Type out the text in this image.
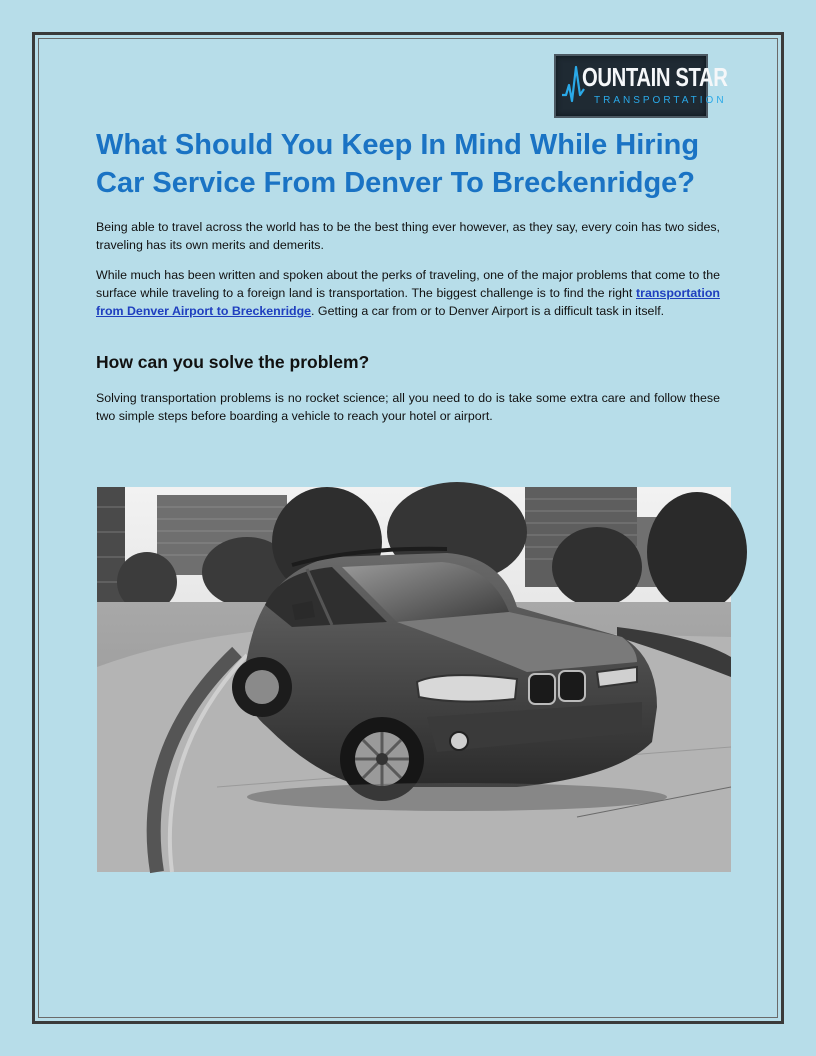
OUNTAIN STAR
TRANSPORTATION
What Should You Keep In Mind While Hiring Car Service From Denver To Breckenridge?

Being able to travel across the world has to be the best thing ever however, as they say, every coin has two sides, traveling has its own merits and demerits.

While much has been written and spoken about the perks of traveling, one of the major problems that come to the surface while traveling to a foreign land is transportation. The biggest challenge is to find the right transportation from Denver Airport to Breckenridge. Getting a car from or to Denver Airport is a difficult task in itself.

How can you solve the problem?

Solving transportation problems is no rocket science; all you need to do is take some extra care and follow these two simple steps before boarding a vehicle to reach your hotel or airport.
